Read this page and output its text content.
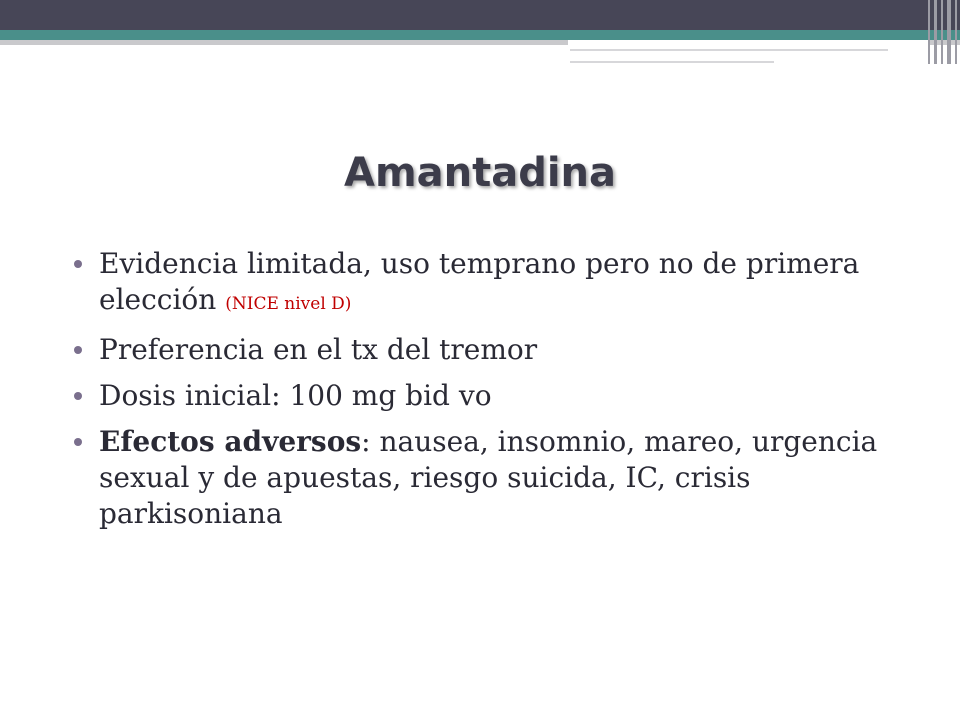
Amantadina
Evidencia limitada, uso temprano pero no de primera elección (NICE nivel D)
Preferencia en el tx del tremor
Dosis inicial: 100 mg bid vo
Efectos adversos: nausea, insomnio, mareo, urgencia sexual y de apuestas, riesgo suicida, IC, crisis parkisoniana
